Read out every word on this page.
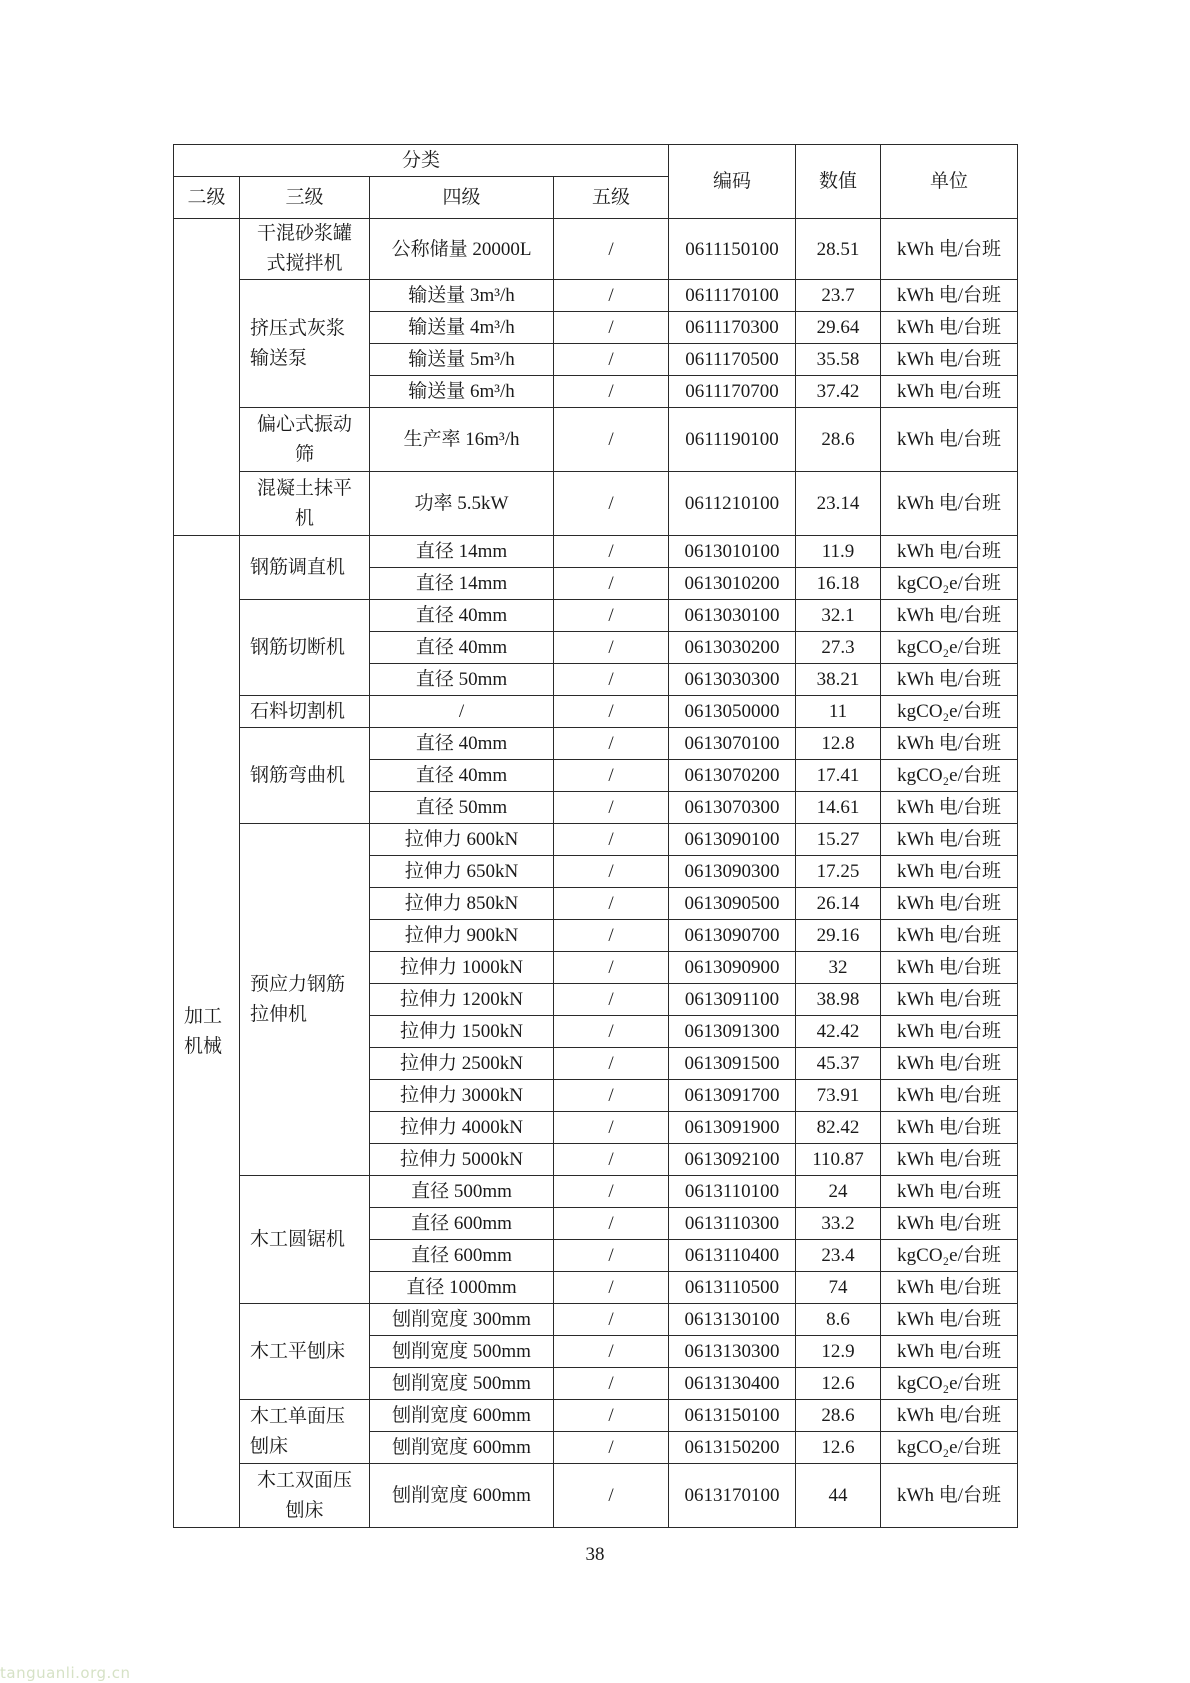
分类				编码	数值	单位
二级	三级	四级	五级			

	干混砂浆罐
式搅拌机	公称储量 20000L	/	0611150100	28.51	kWh 电/台班

	挤压式灰浆
输送泵	输送量 3m³/h	/	0611170100	23.7	kWh 电/台班
		输送量 4m³/h	/	0611170300	29.64	kWh 电/台班
		输送量 5m³/h	/	0611170500	35.58	kWh 电/台班
		输送量 6m³/h	/	0611170700	37.42	kWh 电/台班

	偏心式振动
筛	生产率 16m³/h	/	0611190100	28.6	kWh 电/台班

	混凝土抹平
机	功率 5.5kW	/	0611210100	23.14	kWh 电/台班

加工
机械	钢筋调直机	直径 14mm	/	0613010100	11.9	kWh 电/台班
		直径 14mm	/	0613010200	16.18	kgCO₂e/台班
	钢筋切断机	直径 40mm	/	0613030100	32.1	kWh 电/台班
		直径 40mm	/	0613030200	27.3	kgCO₂e/台班
		直径 50mm	/	0613030300	38.21	kWh 电/台班
	石料切割机	/	/	0613050000	11	kgCO₂e/台班
	钢筋弯曲机	直径 40mm	/	0613070100	12.8	kWh 电/台班
		直径 40mm	/	0613070200	17.41	kgCO₂e/台班
		直径 50mm	/	0613070300	14.61	kWh 电/台班

	预应力钢筋
拉伸机	拉伸力 600kN	/	0613090100	15.27	kWh 电/台班
		拉伸力 650kN	/	0613090300	17.25	kWh 电/台班
		拉伸力 850kN	/	0613090500	26.14	kWh 电/台班
		拉伸力 900kN	/	0613090700	29.16	kWh 电/台班
		拉伸力 1000kN	/	0613090900	32	kWh 电/台班
		拉伸力 1200kN	/	0613091100	38.98	kWh 电/台班
		拉伸力 1500kN	/	0613091300	42.42	kWh 电/台班
		拉伸力 2500kN	/	0613091500	45.37	kWh 电/台班
		拉伸力 3000kN	/	0613091700	73.91	kWh 电/台班
		拉伸力 4000kN	/	0613091900	82.42	kWh 电/台班
		拉伸力 5000kN	/	0613092100	110.87	kWh 电/台班
	木工圆锯机	直径 500mm	/	0613110100	24	kWh 电/台班
		直径 600mm	/	0613110300	33.2	kWh 电/台班
		直径 600mm	/	0613110400	23.4	kgCO₂e/台班
		直径 1000mm	/	0613110500	74	kWh 电/台班
	木工平刨床	刨削宽度 300mm	/	0613130100	8.6	kWh 电/台班
		刨削宽度 500mm	/	0613130300	12.9	kWh 电/台班
		刨削宽度 500mm	/	0613130400	12.6	kgCO₂e/台班

	木工单面压
刨床	刨削宽度 600mm	/	0613150100	28.6	kWh 电/台班
		刨削宽度 600mm	/	0613150200	12.6	kgCO₂e/台班

	木工双面压
刨床	刨削宽度 600mm	/	0613170100	44	kWh 电/台班
38
tanguanli.org.cn
